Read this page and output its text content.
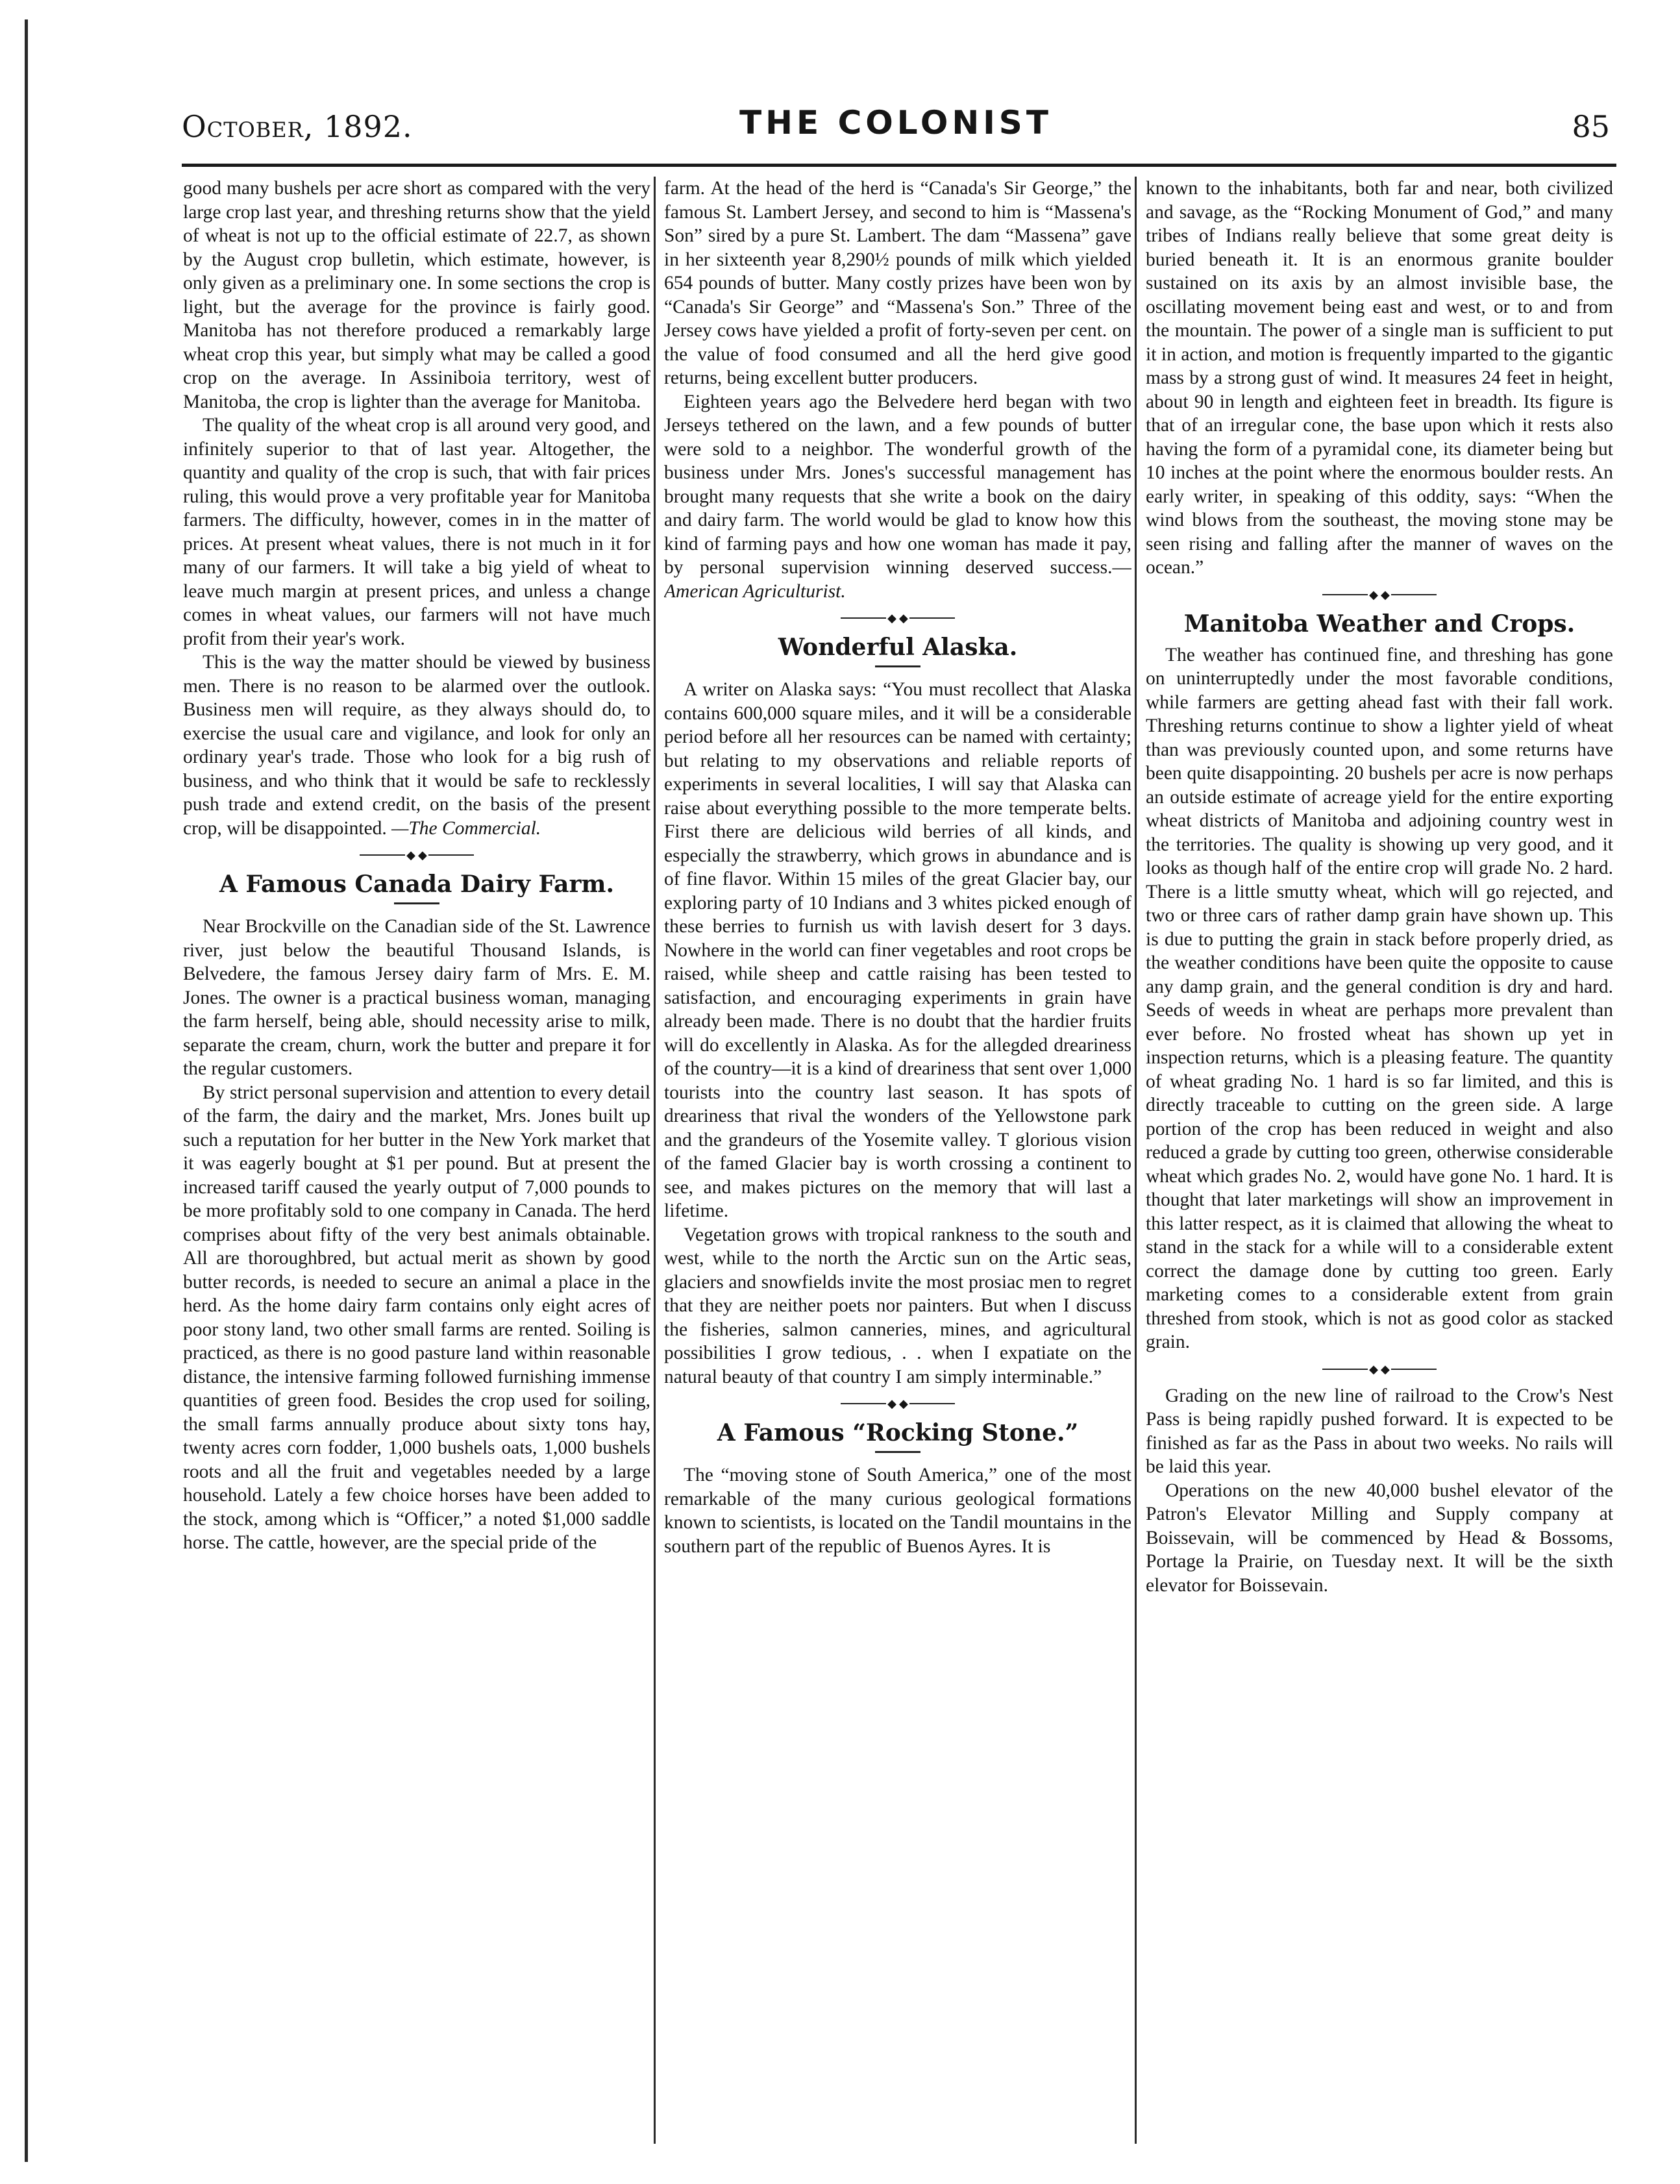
October, 1892.	THE COLONIST	85

good many bushels per acre short as compared with the very large crop last year, and threshing returns show that the yield of wheat is not up to the official estimate of 22.7, as shown by the August crop bulletin, which estimate, however, is only given as a preliminary one. In some sections the crop is light, but the average for the province is fairly good. Manitoba has not therefore produced a remarkably large wheat crop this year, but simply what may be called a good crop on the average. In Assiniboia territory, west of Manitoba, the crop is lighter than the average for Manitoba.

The quality of the wheat crop is all around very good, and infinitely superior to that of last year. Altogether, the quantity and quality of the crop is such, that with fair prices ruling, this would prove a very profitable year for Manitoba farmers. The difficulty, however, comes in in the matter of prices. At present wheat values, there is not much in it for many of our farmers. It will take a big yield of wheat to leave much margin at present prices, and unless a change comes in wheat values, our farmers will not have much profit from their year's work.

This is the way the matter should be viewed by business men. There is no reason to be alarmed over the outlook. Business men will require, as they always should do, to exercise the usual care and vigilance, and look for only an ordinary year's trade. Those who look for a big rush of business, and who think that it would be safe to recklessly push trade and extend credit, on the basis of the present crop, will be disappointed. —The Commercial.

◆ ◆
A Famous Canada Dairy Farm.

Near Brockville on the Canadian side of the St. Lawrence river, just below the beautiful Thousand Islands, is Belvedere, the famous Jersey dairy farm of Mrs. E. M. Jones. The owner is a practical business woman, managing the farm herself, being able, should necessity arise to milk, separate the cream, churn, work the butter and prepare it for the regular customers.

By strict personal supervision and attention to every detail of the farm, the dairy and the market, Mrs. Jones built up such a reputation for her butter in the New York market that it was eagerly bought at $1 per pound. But at present the increased tariff caused the yearly output of 7,000 pounds to be more profitably sold to one company in Canada. The herd comprises about fifty of the very best animals obtainable. All are thoroughbred, but actual merit as shown by good butter records, is needed to secure an animal a place in the herd. As the home dairy farm contains only eight acres of poor stony land, two other small farms are rented. Soiling is practiced, as there is no good pasture land within reasonable distance, the intensive farming followed furnishing immense quantities of green food. Besides the crop used for soiling, the small farms annually produce about sixty tons hay, twenty acres corn fodder, 1,000 bushels oats, 1,000 bushels roots and all the fruit and vegetables needed by a large household. Lately a few choice horses have been added to the stock, among which is “Officer,” a noted $1,000 saddle horse. The cattle, however, are the special pride of the

farm. At the head of the herd is “Canada's Sir George,” the famous St. Lambert Jersey, and second to him is “Massena's Son” sired by a pure St. Lambert. The dam “Massena” gave in her sixteenth year 8,290½ pounds of milk which yielded 654 pounds of butter. Many costly prizes have been won by “Canada's Sir George” and “Massena's Son.” Three of the Jersey cows have yielded a profit of forty-seven per cent. on the value of food consumed and all the herd give good returns, being excellent butter producers.

Eighteen years ago the Belvedere herd began with two Jerseys tethered on the lawn, and a few pounds of butter were sold to a neighbor. The wonderful growth of the business under Mrs. Jones's successful management has brought many requests that she write a book on the dairy and dairy farm. The world would be glad to know how this kind of farming pays and how one woman has made it pay, by personal supervision winning deserved success.—American Agriculturist.

◆ ◆
Wonderful Alaska.

A writer on Alaska says: “You must recollect that Alaska contains 600,000 square miles, and it will be a considerable period before all her resources can be named with certainty; but relating to my observations and reliable reports of experiments in several localities, I will say that Alaska can raise about everything possible to the more temperate belts. First there are delicious wild berries of all kinds, and especially the strawberry, which grows in abundance and is of fine flavor. Within 15 miles of the great Glacier bay, our exploring party of 10 Indians and 3 whites picked enough of these berries to furnish us with lavish desert for 3 days. Nowhere in the world can finer vegetables and root crops be raised, while sheep and cattle raising has been tested to satisfaction, and encouraging experiments in grain have already been made. There is no doubt that the hardier fruits will do excellently in Alaska. As for the allegded dreariness of the country—it is a kind of dreariness that sent over 1,000 tourists into the country last season. It has spots of dreariness that rival the wonders of the Yellowstone park and the grandeurs of the Yosemite valley. T glorious vision of the famed Glacier bay is worth crossing a continent to see, and makes pictures on the memory that will last a lifetime.

Vegetation grows with tropical rankness to the south and west, while to the north the Arctic sun on the Artic seas, glaciers and snowfields invite the most prosiac men to regret that they are neither poets nor painters. But when I discuss the fisheries, salmon canneries, mines, and agricultural possibilities I grow tedious, . . when I expatiate on the natural beauty of that country I am simply interminable.”

◆ ◆
A Famous “Rocking Stone.”

The “moving stone of South America,” one of the most remarkable of the many curious geological formations known to scientists, is located on the Tandil mountains in the southern part of the republic of Buenos Ayres. It is

known to the inhabitants, both far and near, both civilized and savage, as the “Rocking Monument of God,” and many tribes of Indians really believe that some great deity is buried beneath it. It is an enormous granite boulder sustained on its axis by an almost invisible base, the oscillating movement being east and west, or to and from the mountain. The power of a single man is sufficient to put it in action, and motion is frequently imparted to the gigantic mass by a strong gust of wind. It measures 24 feet in height, about 90 in length and eighteen feet in breadth. Its figure is that of an irregular cone, the base upon which it rests also having the form of a pyramidal cone, its diameter being but 10 inches at the point where the enormous boulder rests. An early writer, in speaking of this oddity, says: “When the wind blows from the southeast, the moving stone may be seen rising and falling after the manner of waves on the ocean.”

◆ ◆
Manitoba Weather and Crops.

The weather has continued fine, and threshing has gone on uninterruptedly under the most favorable conditions, while farmers are getting ahead fast with their fall work. Threshing returns continue to show a lighter yield of wheat than was previously counted upon, and some returns have been quite disappointing. 20 bushels per acre is now perhaps an outside estimate of acreage yield for the entire exporting wheat districts of Manitoba and adjoining country west in the territories. The quality is showing up very good, and it looks as though half of the entire crop will grade No. 2 hard. There is a little smutty wheat, which will go rejected, and two or three cars of rather damp grain have shown up. This is due to putting the grain in stack before properly dried, as the weather conditions have been quite the opposite to cause any damp grain, and the general condition is dry and hard. Seeds of weeds in wheat are perhaps more prevalent than ever before. No frosted wheat has shown up yet in inspection returns, which is a pleasing feature. The quantity of wheat grading No. 1 hard is so far limited, and this is directly traceable to cutting on the green side. A large portion of the crop has been reduced in weight and also reduced a grade by cutting too green, otherwise considerable wheat which grades No. 2, would have gone No. 1 hard. It is thought that later marketings will show an improvement in this latter respect, as it is claimed that allowing the wheat to stand in the stack for a while will to a considerable extent correct the damage done by cutting too green. Early marketing comes to a considerable extent from grain threshed from stook, which is not as good color as stacked grain.

◆ ◆

Grading on the new line of railroad to the Crow's Nest Pass is being rapidly pushed forward. It is expected to be finished as far as the Pass in about two weeks. No rails will be laid this year.

Operations on the new 40,000 bushel elevator of the Patron's Elevator Milling and Supply company at Boissevain, will be commenced by Head & Bossoms, Portage la Prairie, on Tuesday next. It will be the sixth elevator for Boissevain.
